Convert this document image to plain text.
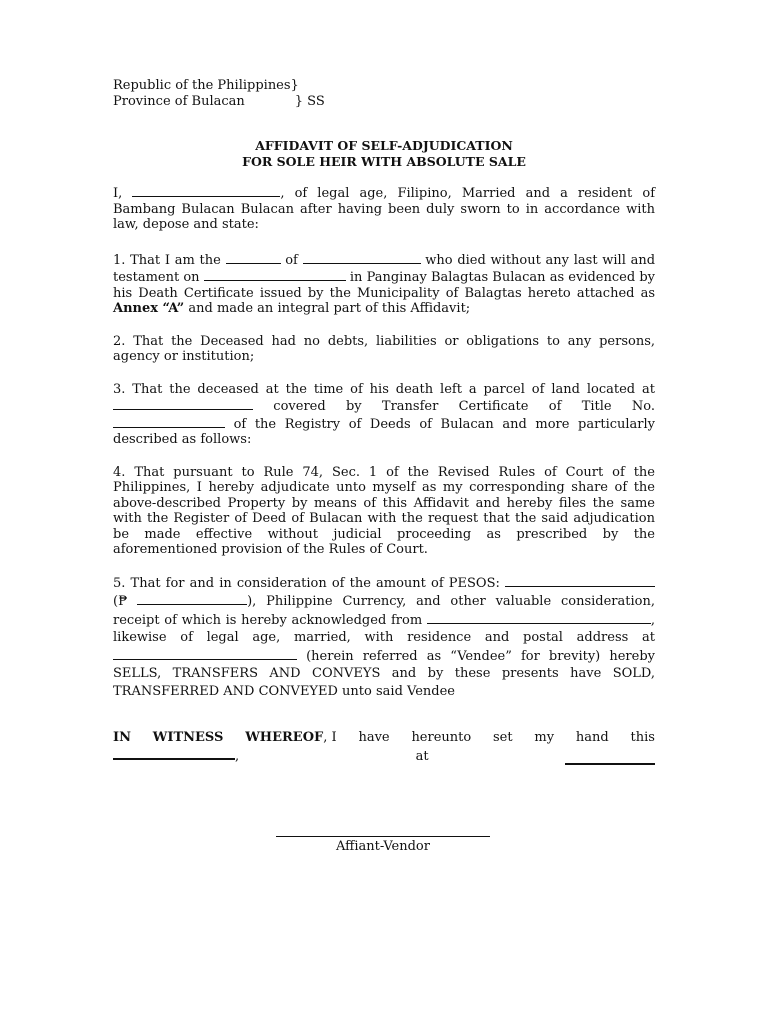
Republic of the Philippines}
Province of Bulacan	} SS
AFFIDAVIT OF SELF-ADJUDICATION
FOR SOLE HEIR WITH ABSOLUTE SALE

I,	, of legal age, Filipino, Married and a resident of Bambang Bulacan Bulacan after having been duly sworn to in accordance with law, depose and state:

1. That I am the	of	who died without any last will and testament on	in Panginay Balagtas Bulacan as evidenced by his Death Certificate issued by the Municipality of Balagtas hereto attached as Annex “A” and made an integral part of this Affidavit;

2. That the Deceased had no debts, liabilities or obligations to any persons, agency or institution;

3. That the deceased at the time of his death left a parcel of land located at  covered by Transfer Certificate of Title No.  of the Registry of Deeds of Bulacan and more particularly described as follows:

4. That pursuant to Rule 74, Sec. 1 of the Revised Rules of Court of the Philippines, I hereby adjudicate unto myself as my corresponding share of the above-described Property by means of this Affidavit and hereby files the same with the Register of Deed of Bulacan with the request that the said adjudication be made effective without judicial proceeding as prescribed by the aforementioned provision of the Rules of Court.

5. That for and in consideration of the amount of PESOS:  (₱	), Philippine Currency, and other valuable consideration, receipt of which is hereby acknowledged from	, likewise of legal age, married, with residence and postal address at  (herein referred as “Vendee” for brevity) hereby SELLS, TRANSFERS AND CONVEYS and by these presents have SOLD, TRANSFERRED AND CONVEYED unto said Vendee

IN WITNESS WHEREOF, I have hereunto set my hand this
,	at
Affiant-Vendor
